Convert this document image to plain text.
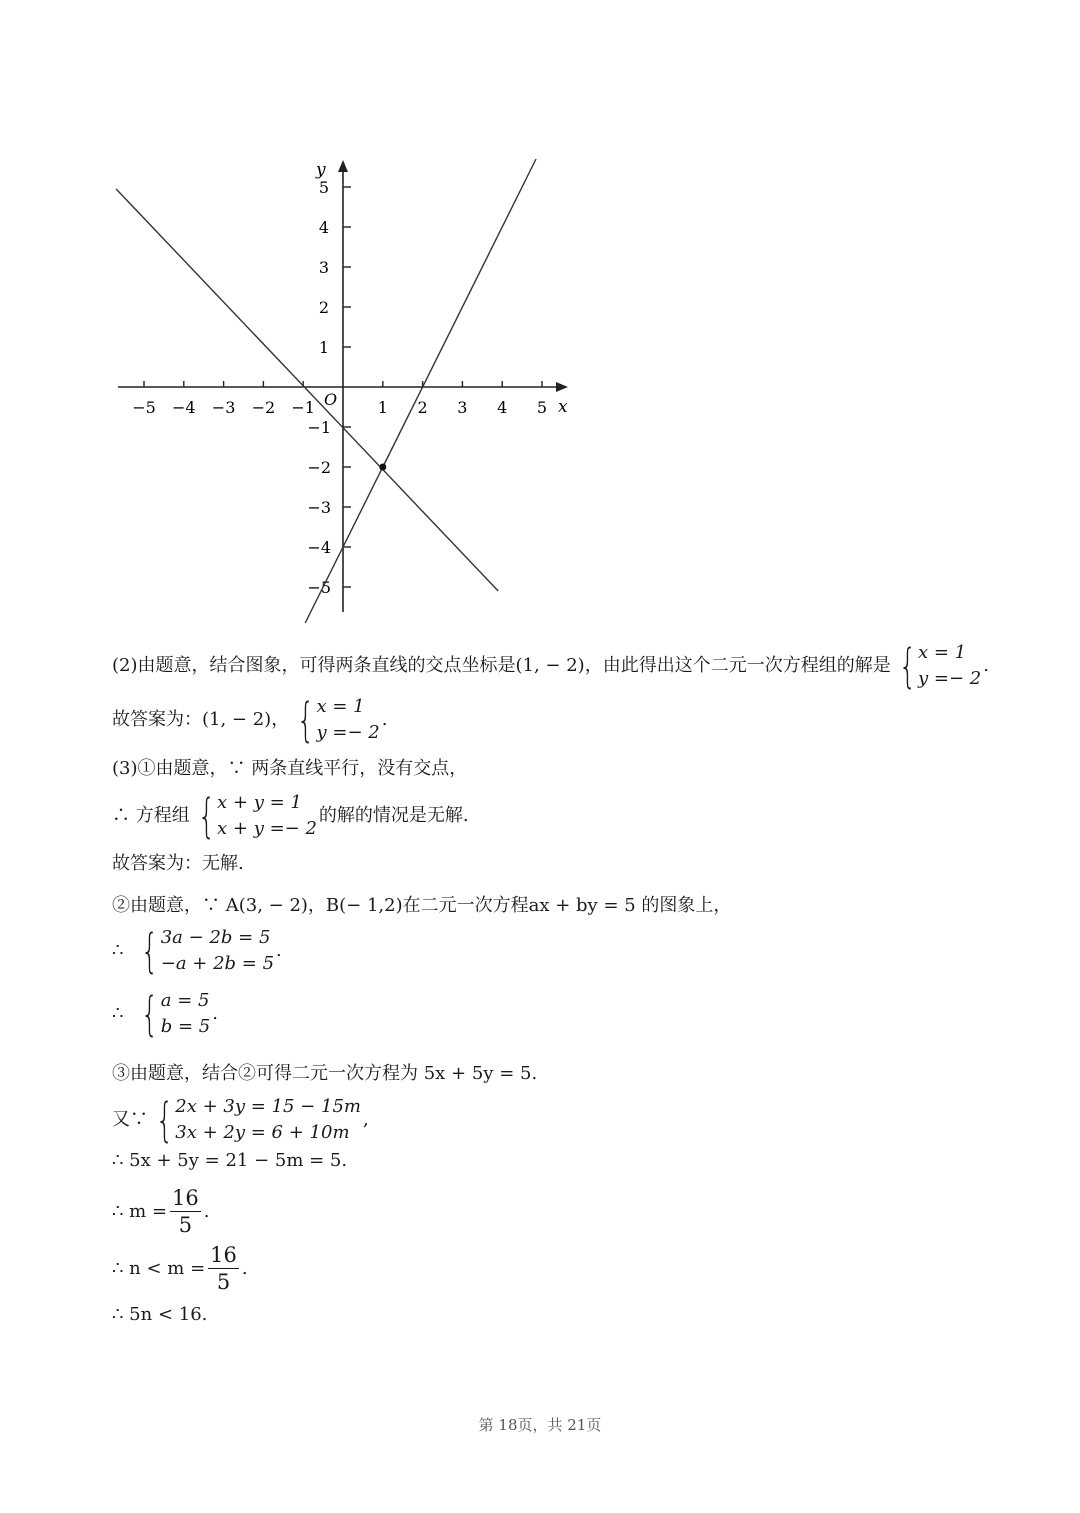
−5 −4 −3 −2 −1	1 2 3 4 5
5
4
3
2
1
−1
−2
−3
−4
−5
x
y
O
(2)由题意，结合图象，可得两条直线的交点坐标是(1, − 2)，由此得出这个二元一次方程组的解是 { x = 1
y =− 2
.
故答案为：(1, − 2)， { x = 1
y =− 2
.
(3)①由题意，∵ 两条直线平行，没有交点，
∴ 方程组 { x + y = 1
x + y =− 2
的解的情况是无解.
故答案为：无解.
②由题意，∵ A(3, − 2)，B(− 1,2)在二元一次方程ax + by = 5 的图象上，
∴ { 3a − 2b = 5
−a + 2b = 5
.
∴ { a = 5
b = 5
.
③由题意，结合②可得二元一次方程为 5x + 5y = 5.
又∵ { 2x + 3y = 15 − 15m
3x + 2y = 6 + 10m
,
∴ 5x + 5y = 21 − 5m = 5.
∴ $m = \frac{16}{5}$ .
∴ $n < m = \frac{16}{5}$ .
∴ 5n < 16.
第 18页，共 21页
